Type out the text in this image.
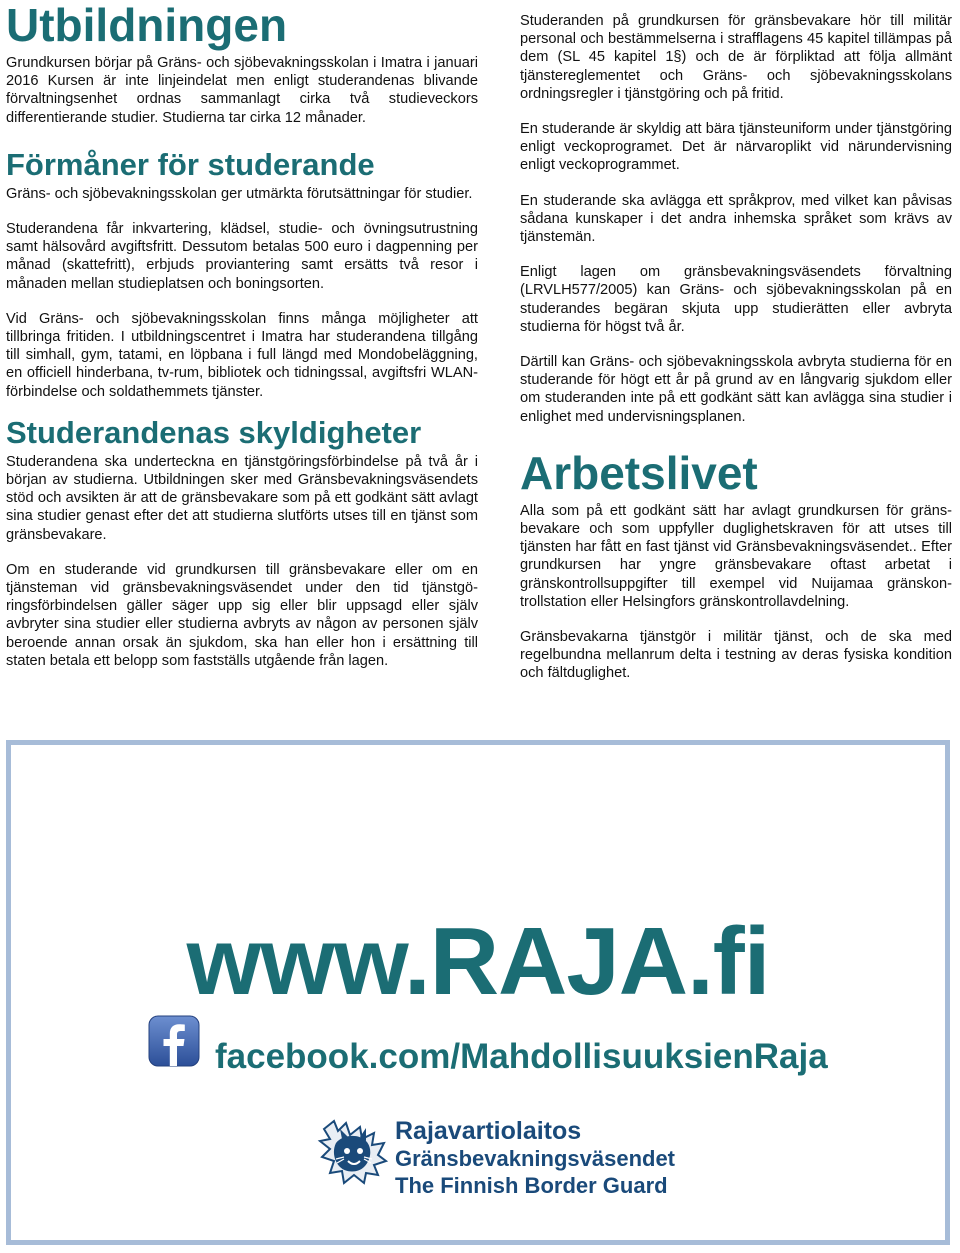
Utbildningen

Grundkursen börjar på Gräns- och sjöbevakningsskolan i Imatra i januari 2016 Kursen är inte linjeindelat men enligt studerandenas blivande förvaltningsenhet ordnas sammanlagt cirka två studieveckors differentierande studier. Studierna tar cirka 12 månader.

Förmåner för studerande

Gräns- och sjöbevakningsskolan ger utmärkta förutsättningar för studier.

Studerandena får inkvartering, klädsel, studie- och övningsutrustning samt hälsovård avgiftsfritt. Dessutom betalas 500 euro i dagpenning per månad (skattefritt), erbjuds proviantering samt ersätts två resor i månaden mellan studieplatsen och boningsorten.

Vid Gräns- och sjöbevakningsskolan finns många möjligheter att tillbringa fritiden. I utbildningscentret i Imatra har studerandena tillgång till simhall, gym, tatami, en löpbana i full längd med Mondobeläggning, en officiell hinderbana, tv-rum, bibliotek och tidningssal, avgiftsfri WLAN-förbindelse och soldathemmets tjänster.

Studerandenas skyldigheter

Studerandena ska underteckna en tjänstgöringsförbindelse på två år i början av studierna. Utbildningen sker med Gränsbevakningsväsendets stöd och avsikten är att de gränsbevakare som på ett godkänt sätt avlagt sina studier genast efter det att studierna slutförts utses till en tjänst som gränsbevakare.

Om en studerande vid grundkursen till gränsbevakare eller om en tjänsteman vid gränsbevakningsväsendet under den tid tjänstgöringsförbindelsen gäller säger upp sig eller blir uppsagd eller själv avbryter sina studier eller studierna avbryts av någon av personen själv beroende annan orsak än sjukdom, ska han eller hon i ersättning till staten betala ett belopp som fastställs utgående från lagen.

Studeranden på grundkursen för gränsbevakare hör till militär personal och bestämmelserna i strafflagens 45 kapitel tillämpas på dem (SL 45 kapitel 1§) och de är förpliktad att följa allmänt tjänstereglementet och Gräns- och sjöbevakningsskolans ordningsregler i tjänstgöring och på fritid.

En studerande är skyldig att bära tjänsteuniform under tjänstgöring enligt veckoprogramet. Det är närvaroplikt vid närundervisning enligt veckoprogrammet.

En studerande ska avlägga ett språkprov, med vilket kan påvisas sådana kunskaper i det andra inhemska språket som krävs av tjänstemän.

Enligt lagen om gränsbevakningsväsendets förvaltning (LRVLH577/2005) kan Gräns- och sjöbevakningsskolan på en studerandes begäran skjuta upp studierätten eller avbryta studierna för högst två år.

Därtill kan Gräns- och sjöbevakningsskola avbryta studierna för en studerande för högt ett år på grund av en långvarig sjukdom eller om studeranden inte på ett godkänt sätt kan avlägga sina studier i enlighet med undervisningsplanen.

Arbetslivet

Alla som på ett godkänt sätt har avlagt grundkursen för gränsbevakare och som uppfyller duglighetskraven för att utses till tjänsten har fått en fast tjänst vid Gränsbevakningsväsendet.. Efter grundkursen har yngre gränsbevakare oftast arbetat i gränskontrollsuppgifter till exempel vid Nuijamaa gränskontrollstation eller Helsingfors gränskontrollavdelning.

Gränsbevakarna tjänstgör i militär tjänst, och de ska med regelbundna mellanrum delta i testning av deras fysiska kondition och fältduglighet.

www.RAJA.fi
facebook.com/MahdollisuuksienRaja
Rajavartiolaitos
Gränsbevakningsväsendet
The Finnish Border Guard
